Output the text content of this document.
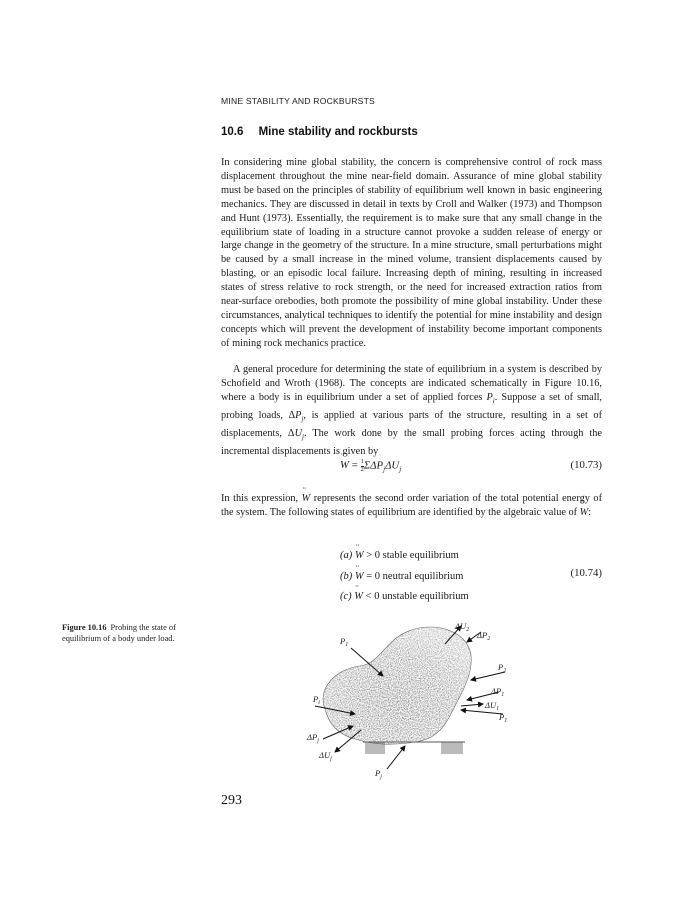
MINE STABILITY AND ROCKBURSTS
10.6 Mine stability and rockbursts

In considering mine global stability, the concern is comprehensive control of rock mass displacement throughout the mine near-field domain. Assurance of mine global stability must be based on the principles of stability of equilibrium well known in basic engineering mechanics. They are discussed in detail in texts by Croll and Walker (1973) and Thompson and Hunt (1973). Essentially, the requirement is to make sure that any small change in the equilibrium state of loading in a structure cannot provoke a sudden release of energy or large change in the geometry of the structure. In a mine structure, small perturbations might be caused by a small increase in the mined volume, transient displacements caused by blasting, or an episodic local failure. Increasing depth of mining, resulting in increased states of stress relative to rock strength, or the need for increased extraction ratios from near-surface orebodies, both promote the possibility of mine global instability. Under these circumstances, analytical techniques to identify the potential for mine instability and design concepts which will prevent the development of instability become important components of mining rock mechanics practice.

A general procedure for determining the state of equilibrium in a system is described by Schofield and Wroth (1968). The concepts are indicated schematically in Figure 10.16, where a body is in equilibrium under a set of applied forces $P_i$. Suppose a set of small, probing loads, $\Delta P_j$, is applied at various parts of the structure, resulting in a set of displacements, $\Delta U_j$. The work done by the small probing forces acting through the incremental displacements is given by

¨ $W = \frac{1}{2} \Sigma\Delta P_j\Delta U_j$	(10.73)

In this expression, ¨ W represents the second order variation of the total potential energy of the system. The following states of equilibrium are identified by the algebraic value of ¨ W:

(a) ¨ W > 0 stable equilibrium
(b) ¨ W = 0 neutral equilibrium
(c) ¨ W < 0 unstable equilibrium
(10.74)
Figure 10.16 Probing the state of equilibrium of a body under load.
$\Delta U_2$ $\Delta P_2$
$P_1$
$P_2$
$P_i$
$\Delta P_1$
$\Delta U_1$
$P_1$
$\Delta P_j$
$\Delta U_j$
$P_j$
293
